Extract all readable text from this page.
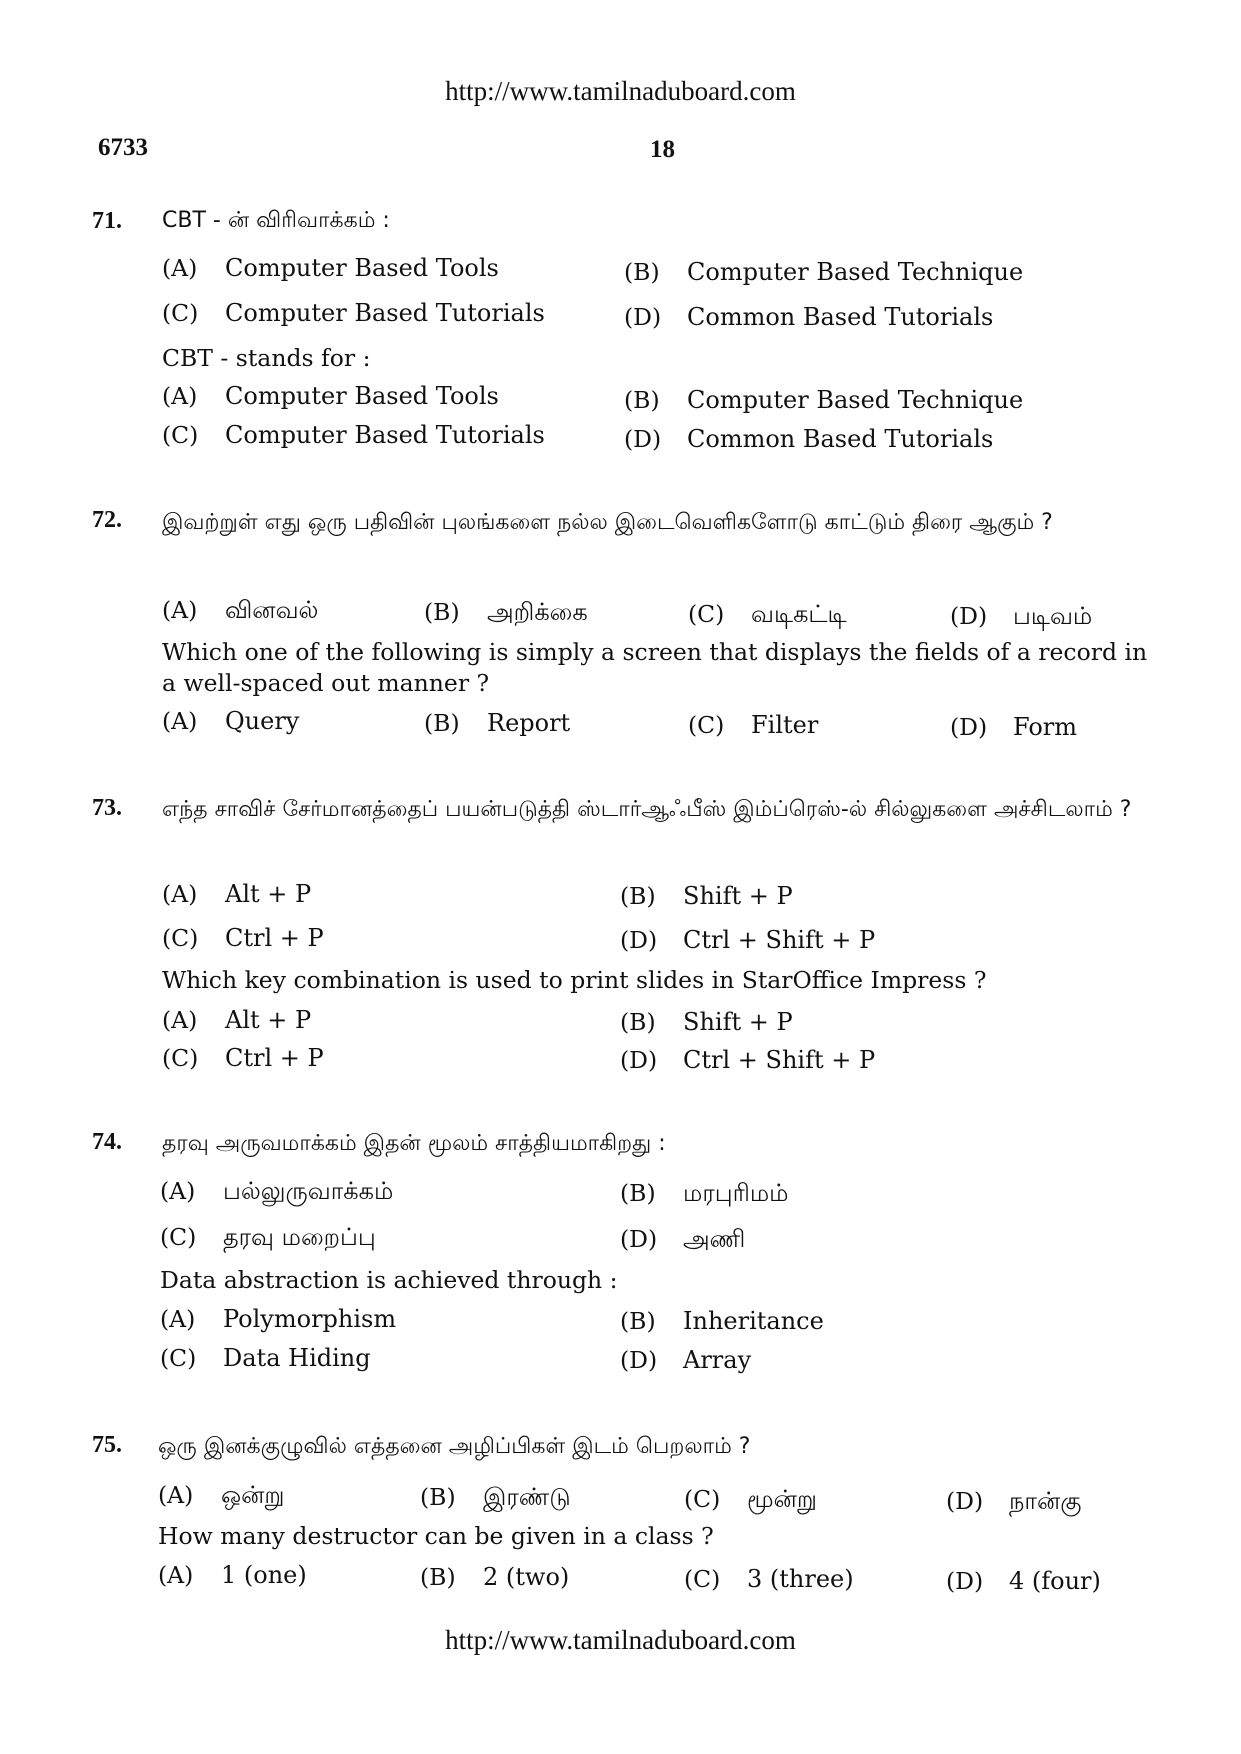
http://www.tamilnaduboard.com
6733	18
71. CBT - ன் விரிவாக்கம் :
(A) Computer Based Tools	(B) Computer Based Technique
(C) Computer Based Tutorials	(D) Common Based Tutorials
CBT - stands for :
(A) Computer Based Tools	(B) Computer Based Technique
(C) Computer Based Tutorials	(D) Common Based Tutorials
72. இவற்றுள் எது ஒரு பதிவின் புலங்களை நல்ல இடைவெளிகளோடு காட்டும் திரை ஆகும் ?
(A) வினவல்	(B) அறிக்கை	(C) வடிகட்டி	(D) படிவம்
Which one of the following is simply a screen that displays the fields of a record in a well-spaced out manner ?
(A) Query	(B) Report	(C) Filter	(D) Form
73. எந்த சாவிச் சேர்மானத்தைப் பயன்படுத்தி ஸ்டார்ஆஃபீஸ் இம்ப்ரெஸ்-ல் சில்லுகளை அச்சிடலாம் ?
(A) Alt + P	(B) Shift + P
(C) Ctrl + P	(D) Ctrl + Shift + P
Which key combination is used to print slides in StarOffice Impress ?
(A) Alt + P	(B) Shift + P
(C) Ctrl + P	(D) Ctrl + Shift + P
74. தரவு அருவமாக்கம் இதன் மூலம் சாத்தியமாகிறது :
(A) பல்லுருவாக்கம்	(B) மரபுரிமம்
(C) தரவு மறைப்பு	(D) அணி
Data abstraction is achieved through :
(A) Polymorphism	(B) Inheritance
(C) Data Hiding	(D) Array
75. ஒரு இனக்குழுவில் எத்தனை அழிப்பிகள் இடம் பெறலாம் ?
(A) ஒன்று	(B) இரண்டு	(C) மூன்று	(D) நான்கு
How many destructor can be given in a class ?
(A) 1 (one)	(B) 2 (two)	(C) 3 (three)	(D) 4 (four)
http://www.tamilnaduboard.com
